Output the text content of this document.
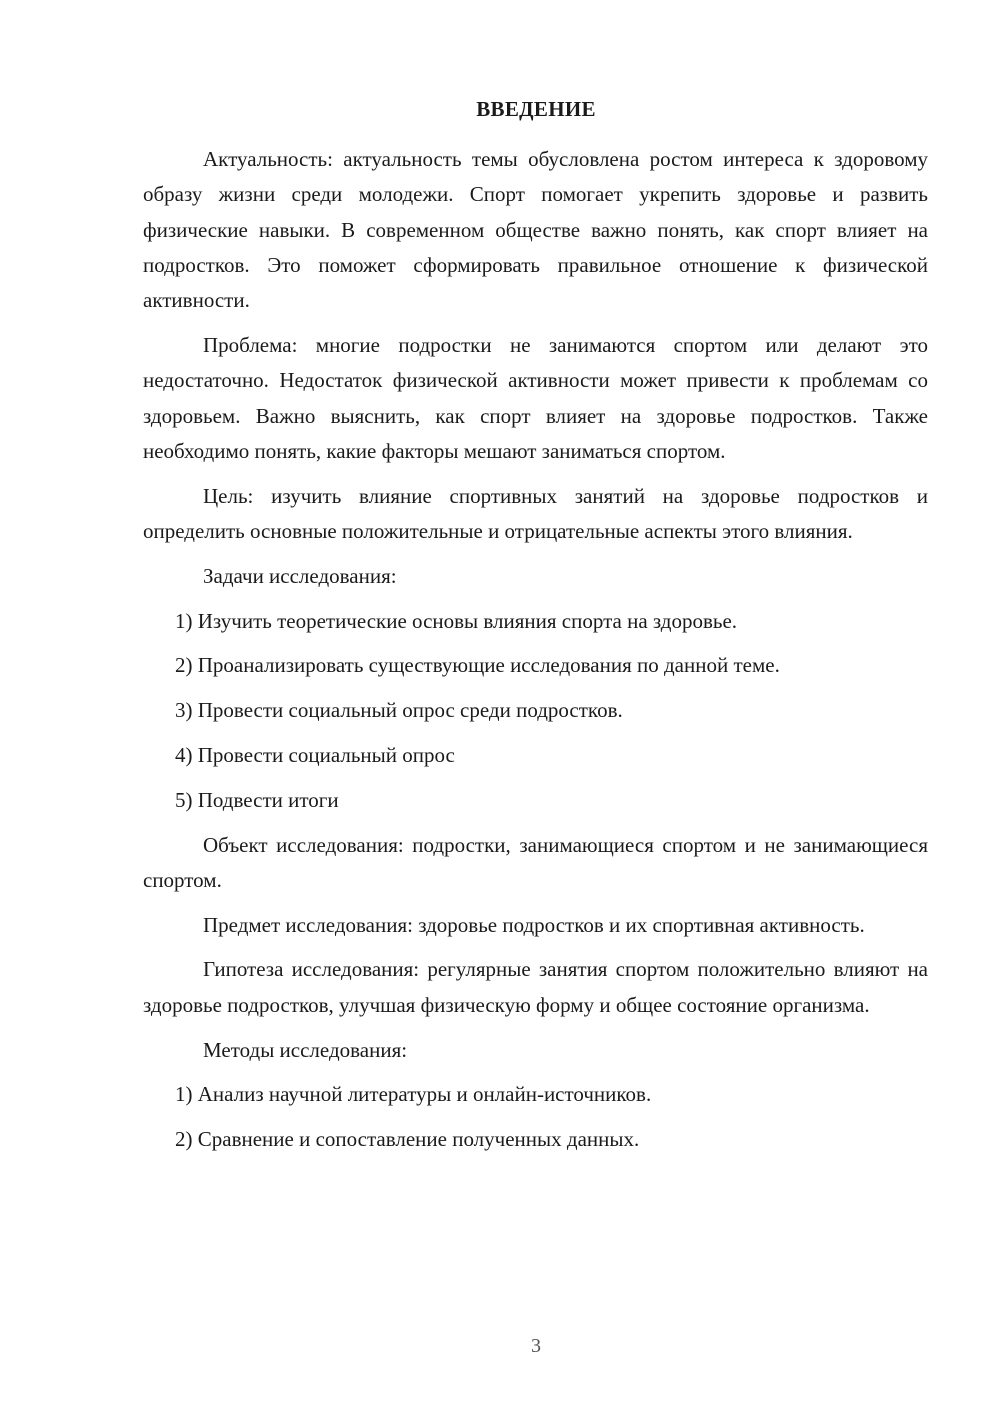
ВВЕДЕНИЕ

Актуальность: актуальность темы обусловлена ростом интереса к здоровому образу жизни среди молодежи. Спорт помогает укрепить здоровье и развить физические навыки. В современном обществе важно понять, как спорт влияет на подростков. Это поможет сформировать правильное отношение к физической активности.

Проблема: многие подростки не занимаются спортом или делают это недостаточно. Недостаток физической активности может привести к проблемам со здоровьем. Важно выяснить, как спорт влияет на здоровье подростков. Также необходимо понять, какие факторы мешают заниматься спортом.

Цель: изучить влияние спортивных занятий на здоровье подростков и определить основные положительные и отрицательные аспекты этого влияния.

Задачи исследования:

1) Изучить теоретические основы влияния спорта на здоровье.

2) Проанализировать существующие исследования по данной теме.

3) Провести социальный опрос среди подростков.

4) Провести социальный опрос

5) Подвести итоги

Объект исследования: подростки, занимающиеся спортом и не занимающиеся спортом.

Предмет исследования: здоровье подростков и их спортивная активность.

Гипотеза исследования: регулярные занятия спортом положительно влияют на здоровье подростков, улучшая физическую форму и общее состояние организма.

Методы исследования:

1) Анализ научной литературы и онлайн-источников.

2) Сравнение и сопоставление полученных данных.

3
